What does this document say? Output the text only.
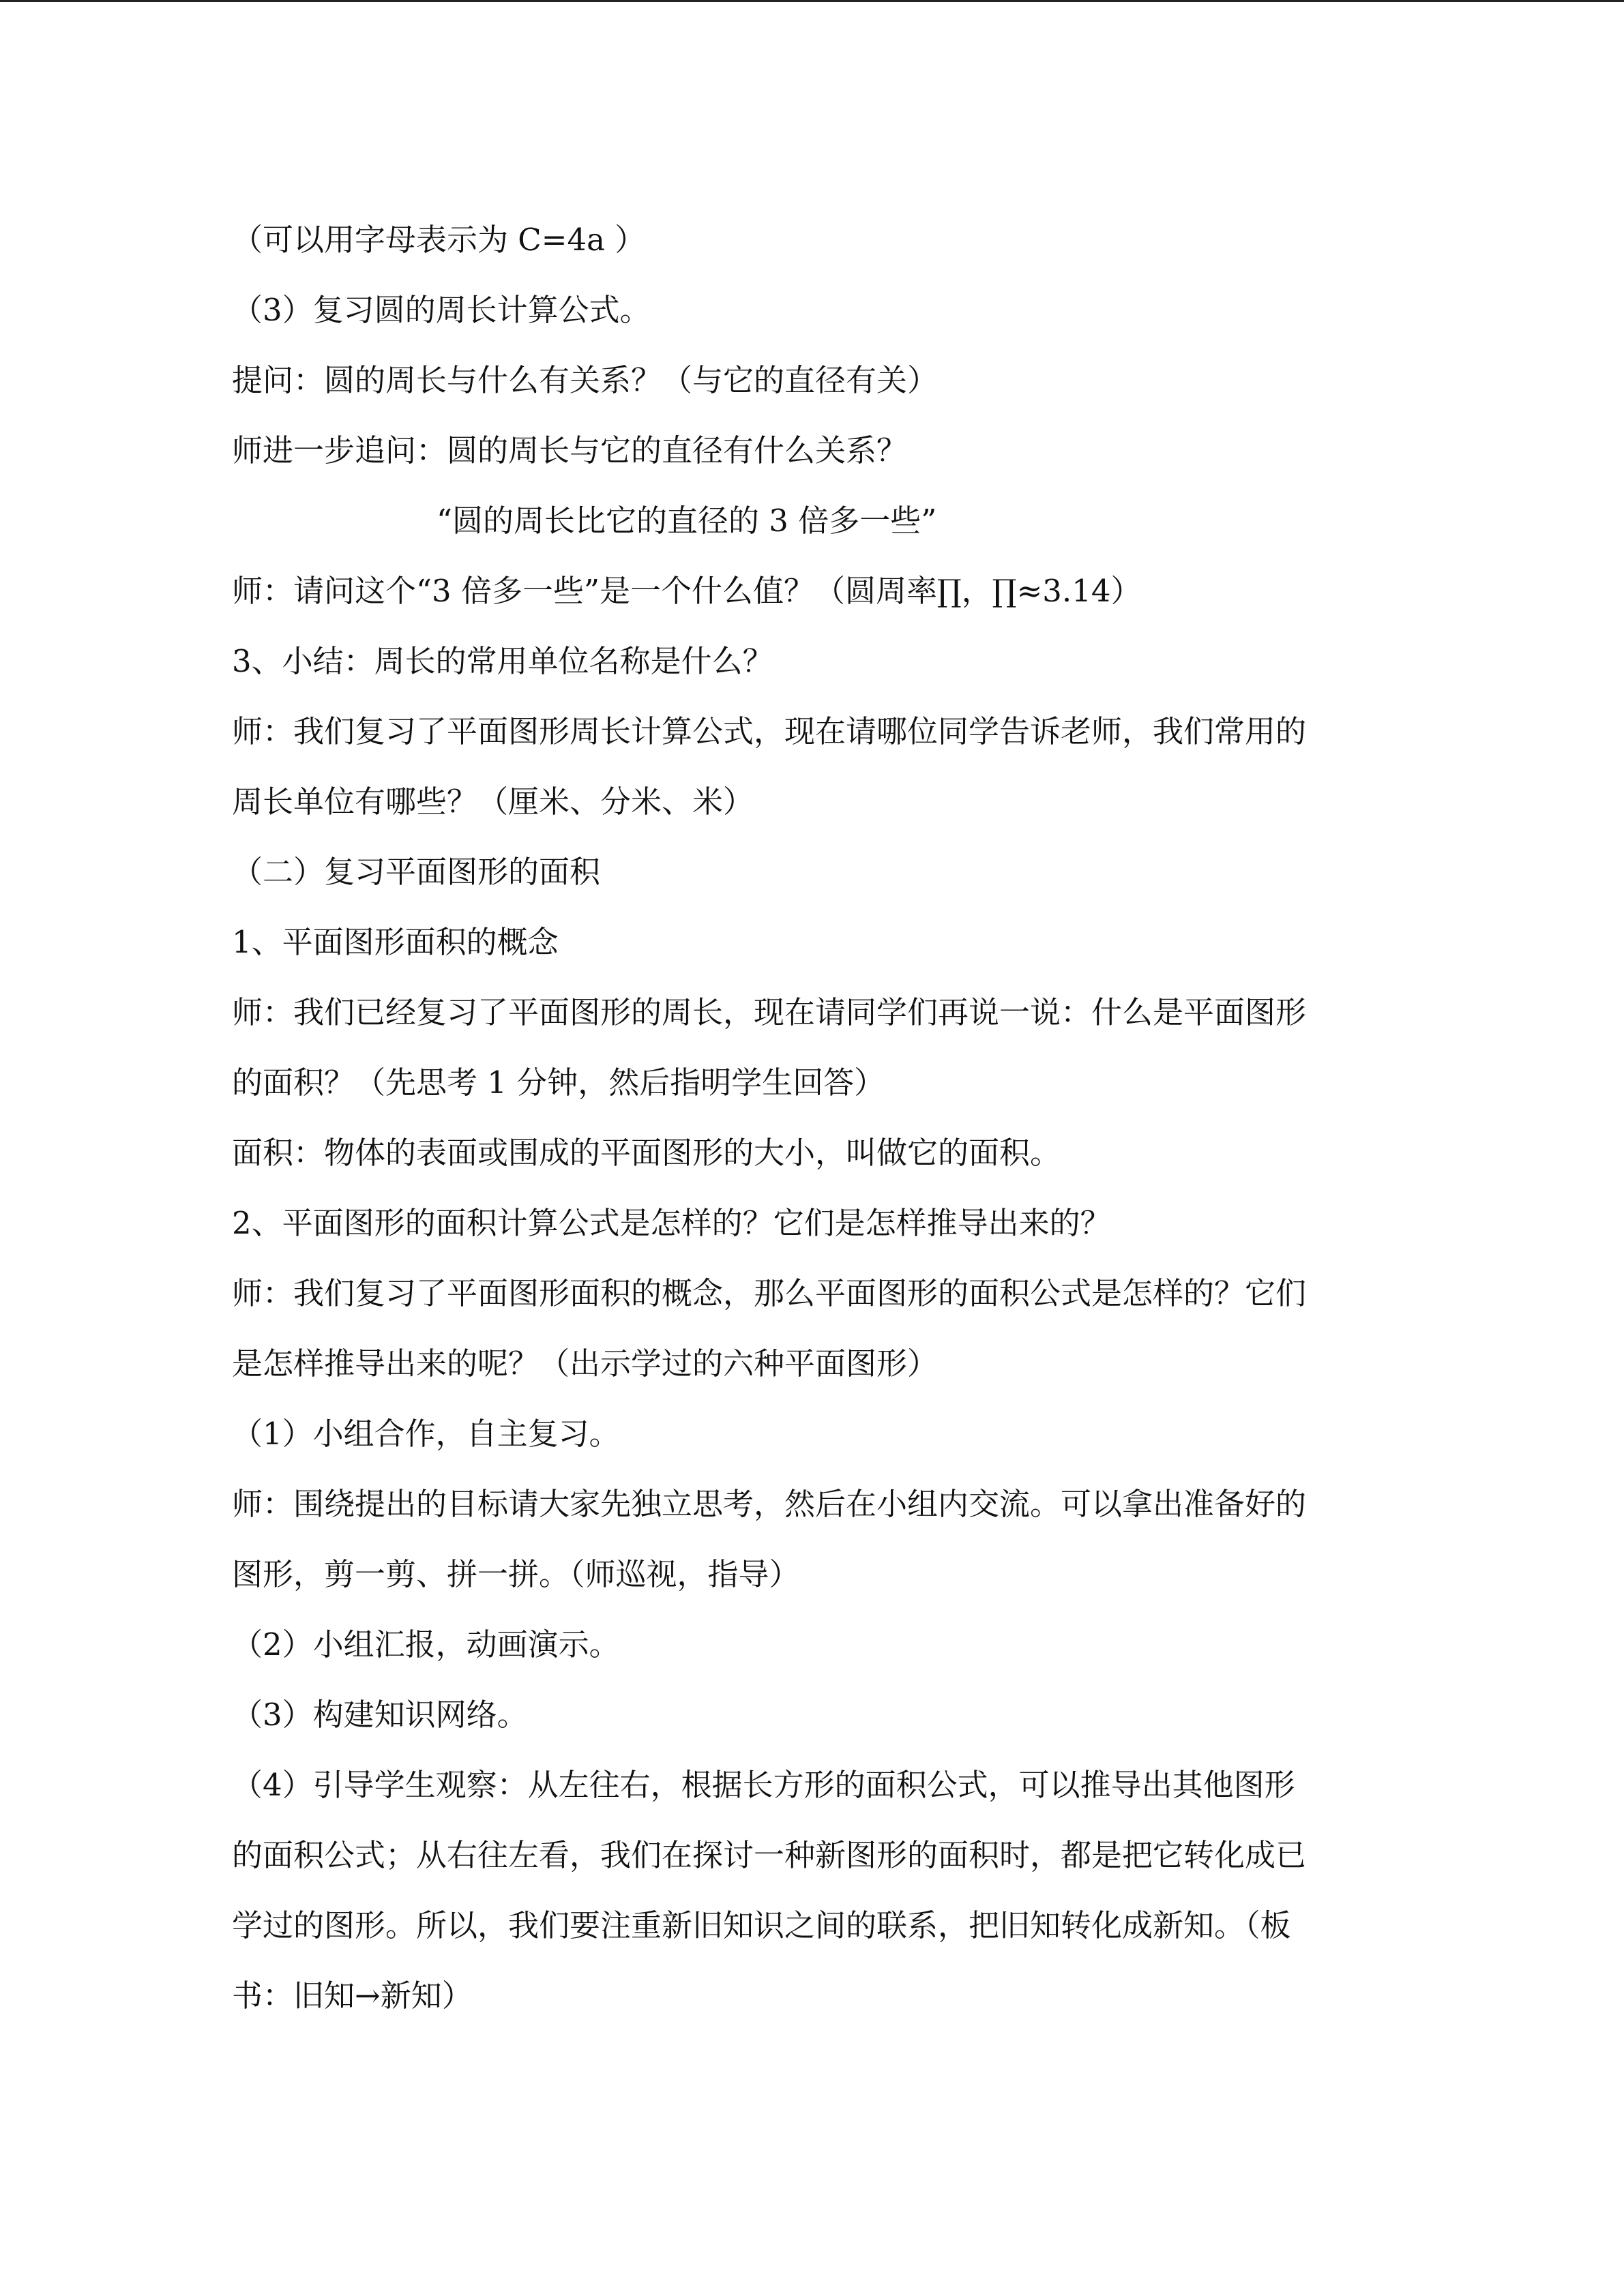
（可以用字母表示为 C=4a ）
（3）复习圆的周长计算公式。
提问：圆的周长与什么有关系？（与它的直径有关）
师进一步追问：圆的周长与它的直径有什么关系？
“圆的周长比它的直径的 3 倍多一些”
师：请问这个“3 倍多一些”是一个什么值？（圆周率∏，∏≈3.14）
3、小结：周长的常用单位名称是什么？
师：我们复习了平面图形周长计算公式，现在请哪位同学告诉老师，我们常用的
周长单位有哪些？（厘米、分米、米）
（二）复习平面图形的面积
1、平面图形面积的概念
师：我们已经复习了平面图形的周长，现在请同学们再说一说：什么是平面图形
的面积？（先思考 1 分钟，然后指明学生回答）
面积：物体的表面或围成的平面图形的大小，叫做它的面积。
2、平面图形的面积计算公式是怎样的？它们是怎样推导出来的？
师：我们复习了平面图形面积的概念，那么平面图形的面积公式是怎样的？它们
是怎样推导出来的呢？（出示学过的六种平面图形）
（1）小组合作，自主复习。
师：围绕提出的目标请大家先独立思考，然后在小组内交流。可以拿出准备好的
图形，剪一剪、拼一拼。（师巡视，指导）
（2）小组汇报，动画演示。
（3）构建知识网络。
（4）引导学生观察：从左往右，根据长方形的面积公式，可以推导出其他图形
的面积公式；从右往左看，我们在探讨一种新图形的面积时，都是把它转化成已
学过的图形。所以，我们要注重新旧知识之间的联系，把旧知转化成新知。（板
书：旧知→新知）
